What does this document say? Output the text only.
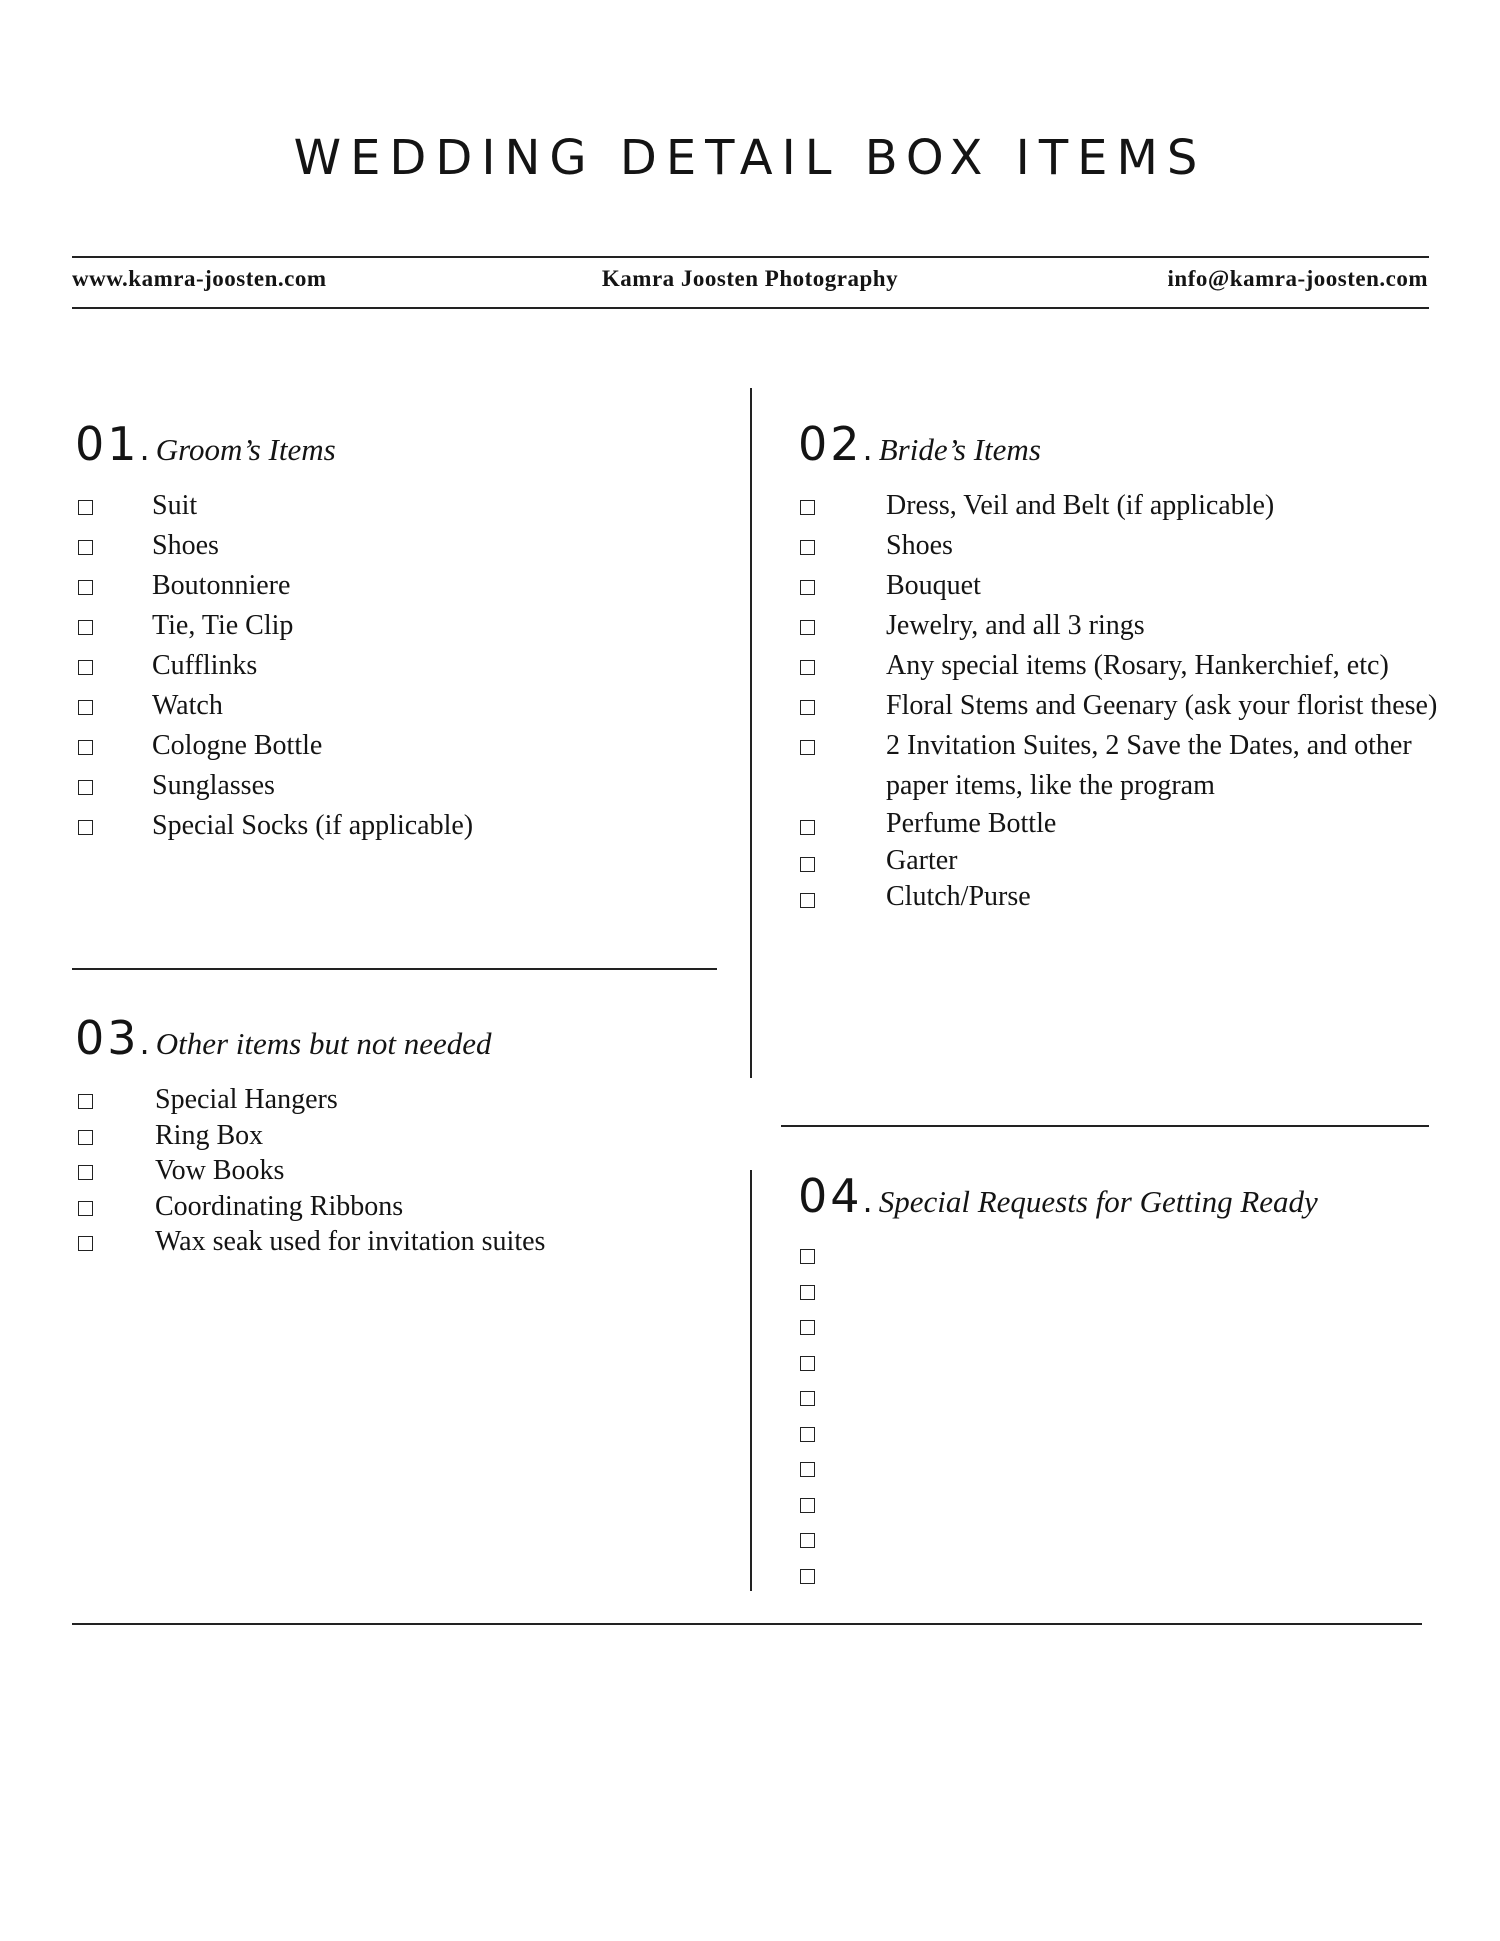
WEDDING DETAIL BOX ITEMS
www.kamra-joosten.com	Kamra Joosten Photography	info@kamra-joosten.com
01. Groom’s Items
Suit
Shoes
Boutonniere
Tie, Tie Clip
Cufflinks
Watch
Cologne Bottle
Sunglasses
Special Socks (if applicable)
02. Bride’s Items
Dress, Veil and Belt (if applicable)
Shoes
Bouquet
Jewelry, and all 3 rings
Any special items (Rosary, Hankerchief, etc)
Floral Stems and Geenary (ask your florist these)
2 Invitation Suites, 2 Save the Dates, and other paper items, like the program
Perfume Bottle
Garter
Clutch/Purse
03. Other items but not needed
Special Hangers
Ring Box
Vow Books
Coordinating Ribbons
Wax seak used for invitation suites
04. Special Requests for Getting Ready
